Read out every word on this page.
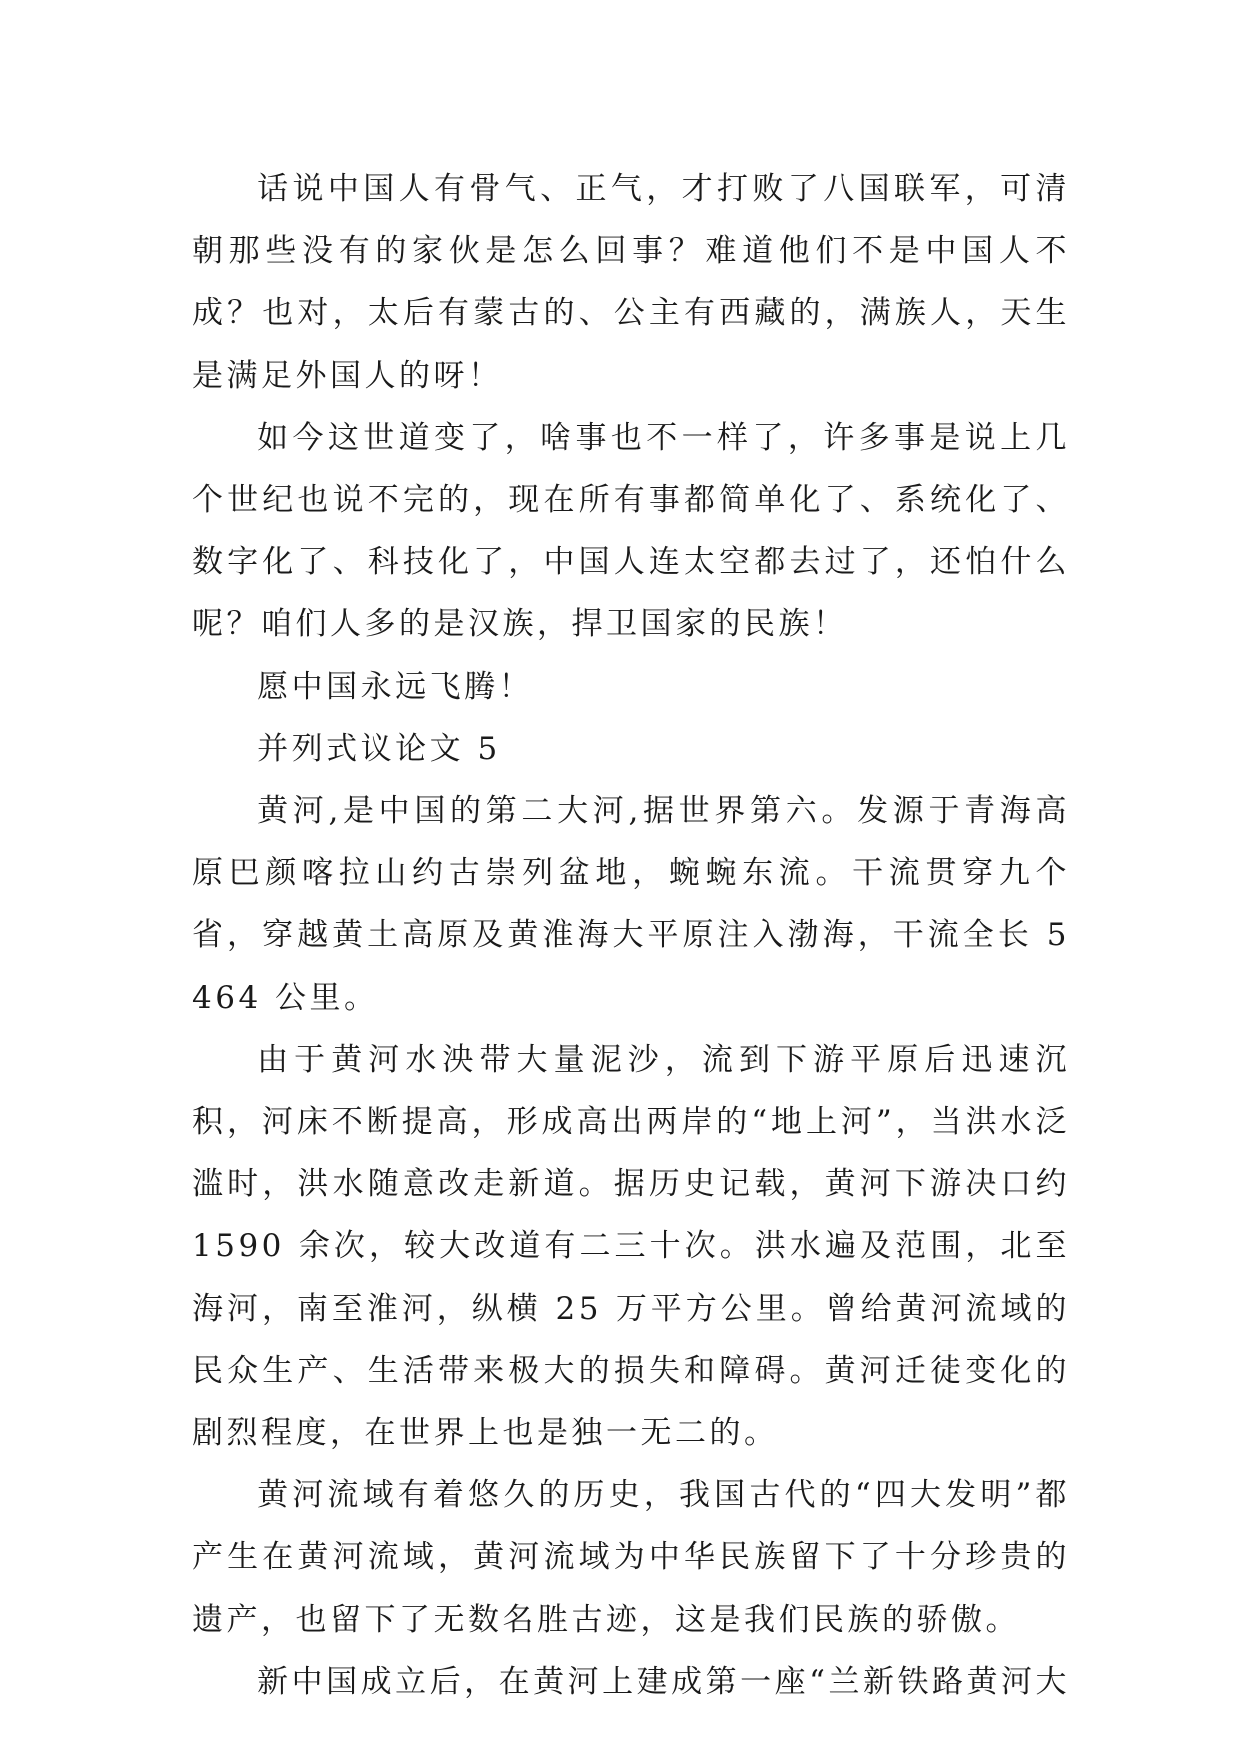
话说中国人有骨气、正气，才打败了八国联军，可清朝那些没有的家伙是怎么回事？难道他们不是中国人不成？也对，太后有蒙古的、公主有西藏的，满族人，天生是满足外国人的呀！

如今这世道变了，啥事也不一样了，许多事是说上几个世纪也说不完的，现在所有事都简单化了、系统化了、数字化了、科技化了，中国人连太空都去过了，还怕什么呢？咱们人多的是汉族，捍卫国家的民族！

愿中国永远飞腾！

并列式议论文 5

黄河,是中国的第二大河,据世界第六。发源于青海高原巴颜喀拉山约古崇列盆地，蜿蜿东流。干流贯穿九个省，穿越黄土高原及黄淮海大平原注入渤海，干流全长 5464 公里。

由于黄河水泱带大量泥沙，流到下游平原后迅速沉积，河床不断提高，形成高出两岸的“地上河”，当洪水泛滥时，洪水随意改走新道。据历史记载，黄河下游决口约 1590 余次，较大改道有二三十次。洪水遍及范围，北至海河，南至淮河，纵横 25 万平方公里。曾给黄河流域的民众生产、生活带来极大的损失和障碍。黄河迁徒变化的剧烈程度，在世界上也是独一无二的。

黄河流域有着悠久的历史，我国古代的“四大发明”都产生在黄河流域，黄河流域为中华民族留下了十分珍贵的遗产，也留下了无数名胜古迹，这是我们民族的骄傲。

新中国成立后，在黄河上建成第一座“兰新铁路黄河大
